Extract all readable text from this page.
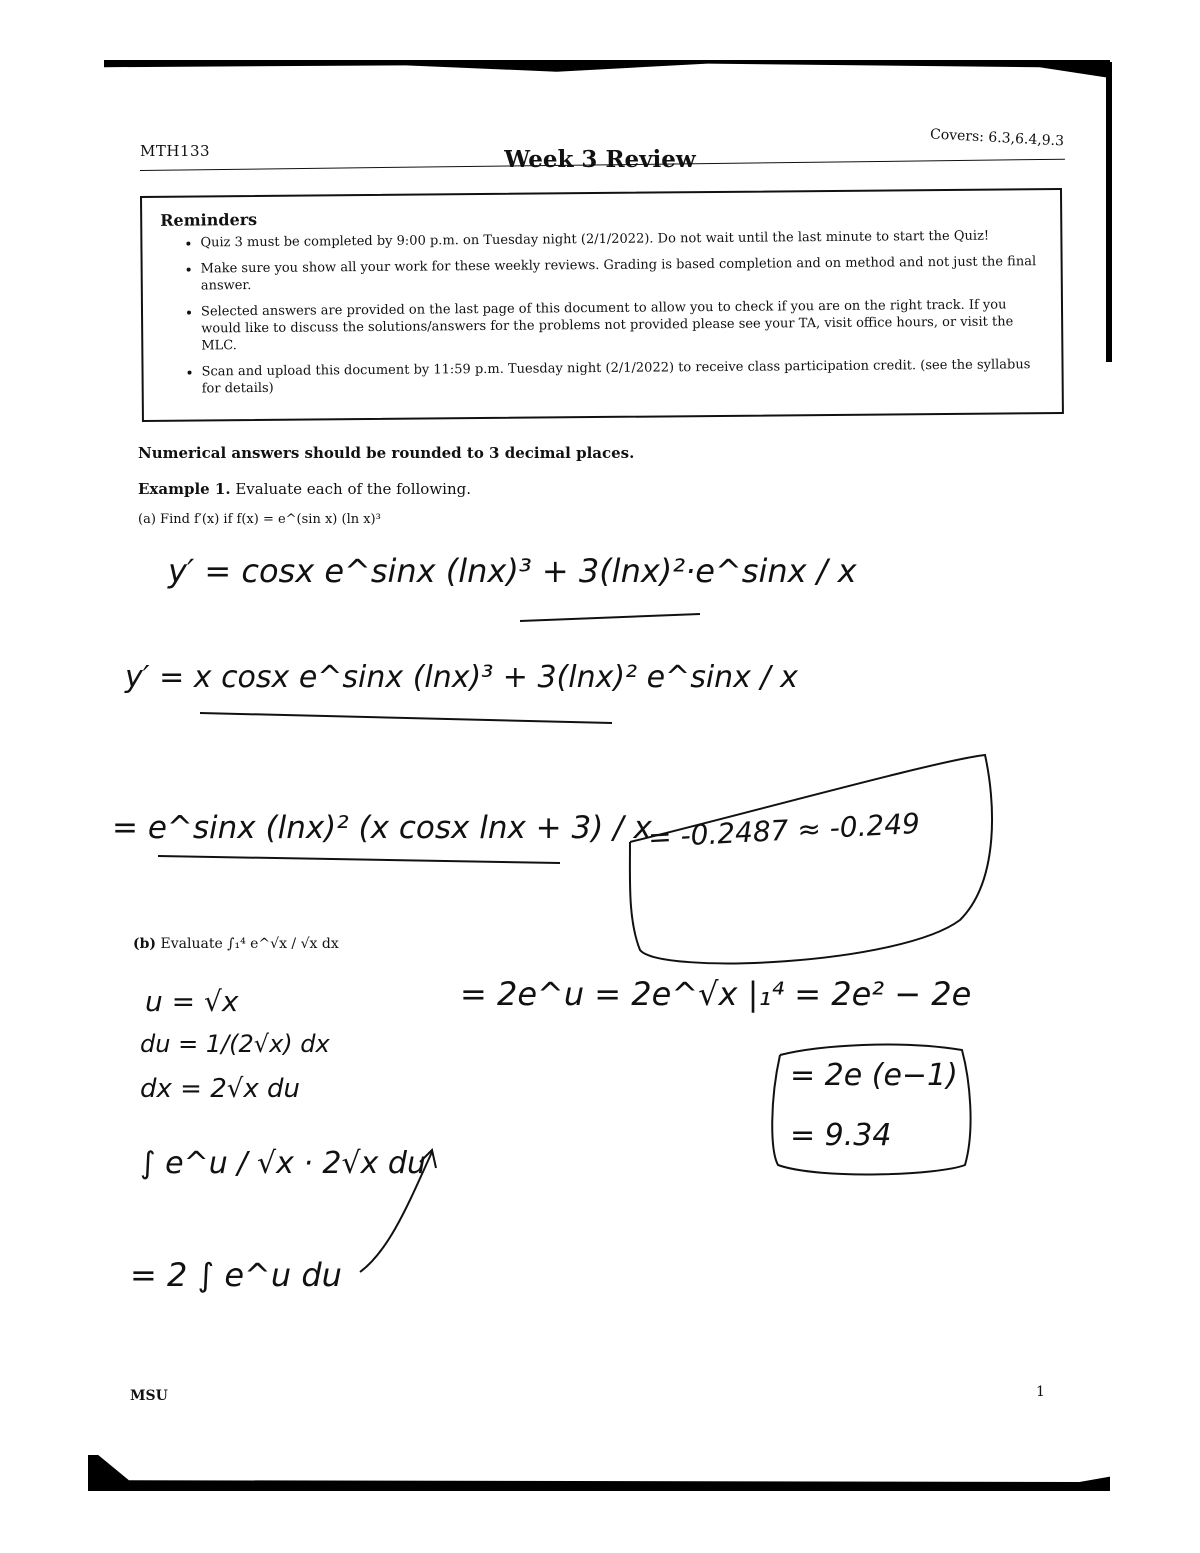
MTH133	Week 3 Review
Covers: 6.3,6.4,9.3
Reminders
• Quiz 3 must be completed by 9:00 p.m. on Tuesday night (2/1/2022). Do not wait until the last minute to start the Quiz!
• Make sure you show all your work for these weekly reviews. Grading is based completion and on method and not just the final answer.
• Selected answers are provided on the last page of this document to allow you to check if you are on the right track. If you would like to discuss the solutions/answers for the problems not provided please see your TA, visit office hours, or visit the MLC.
• Scan and upload this document by 11:59 p.m. Tuesday night (2/1/2022) to receive class participation credit. (see the syllabus for details)
Numerical answers should be rounded to 3 decimal places.
Example 1. Evaluate each of the following.
(a) Find f′(x) if f(x) = e^(sin x) (ln x)³
y′ = cosx e^sinx (lnx)³ + 3(lnx)²·e^sinx / x
y′ = x cosx e^sinx (lnx)³ + 3(lnx)² e^sinx / x
= e^sinx (lnx)² (x cosx lnx + 3) / x
= -0.2487 ≈ -0.249
(b) Evaluate ∫₁⁴ e^√x / √x dx
u = √x
du = 1/(2√x) dx
dx = 2√x du
∫ e^u / √x · 2√x du
= 2 ∫ e^u du
= 2e^u = 2e^√x |₁⁴ = 2e² − 2e
= 2e (e−1)
= 9.34
MSU	1
